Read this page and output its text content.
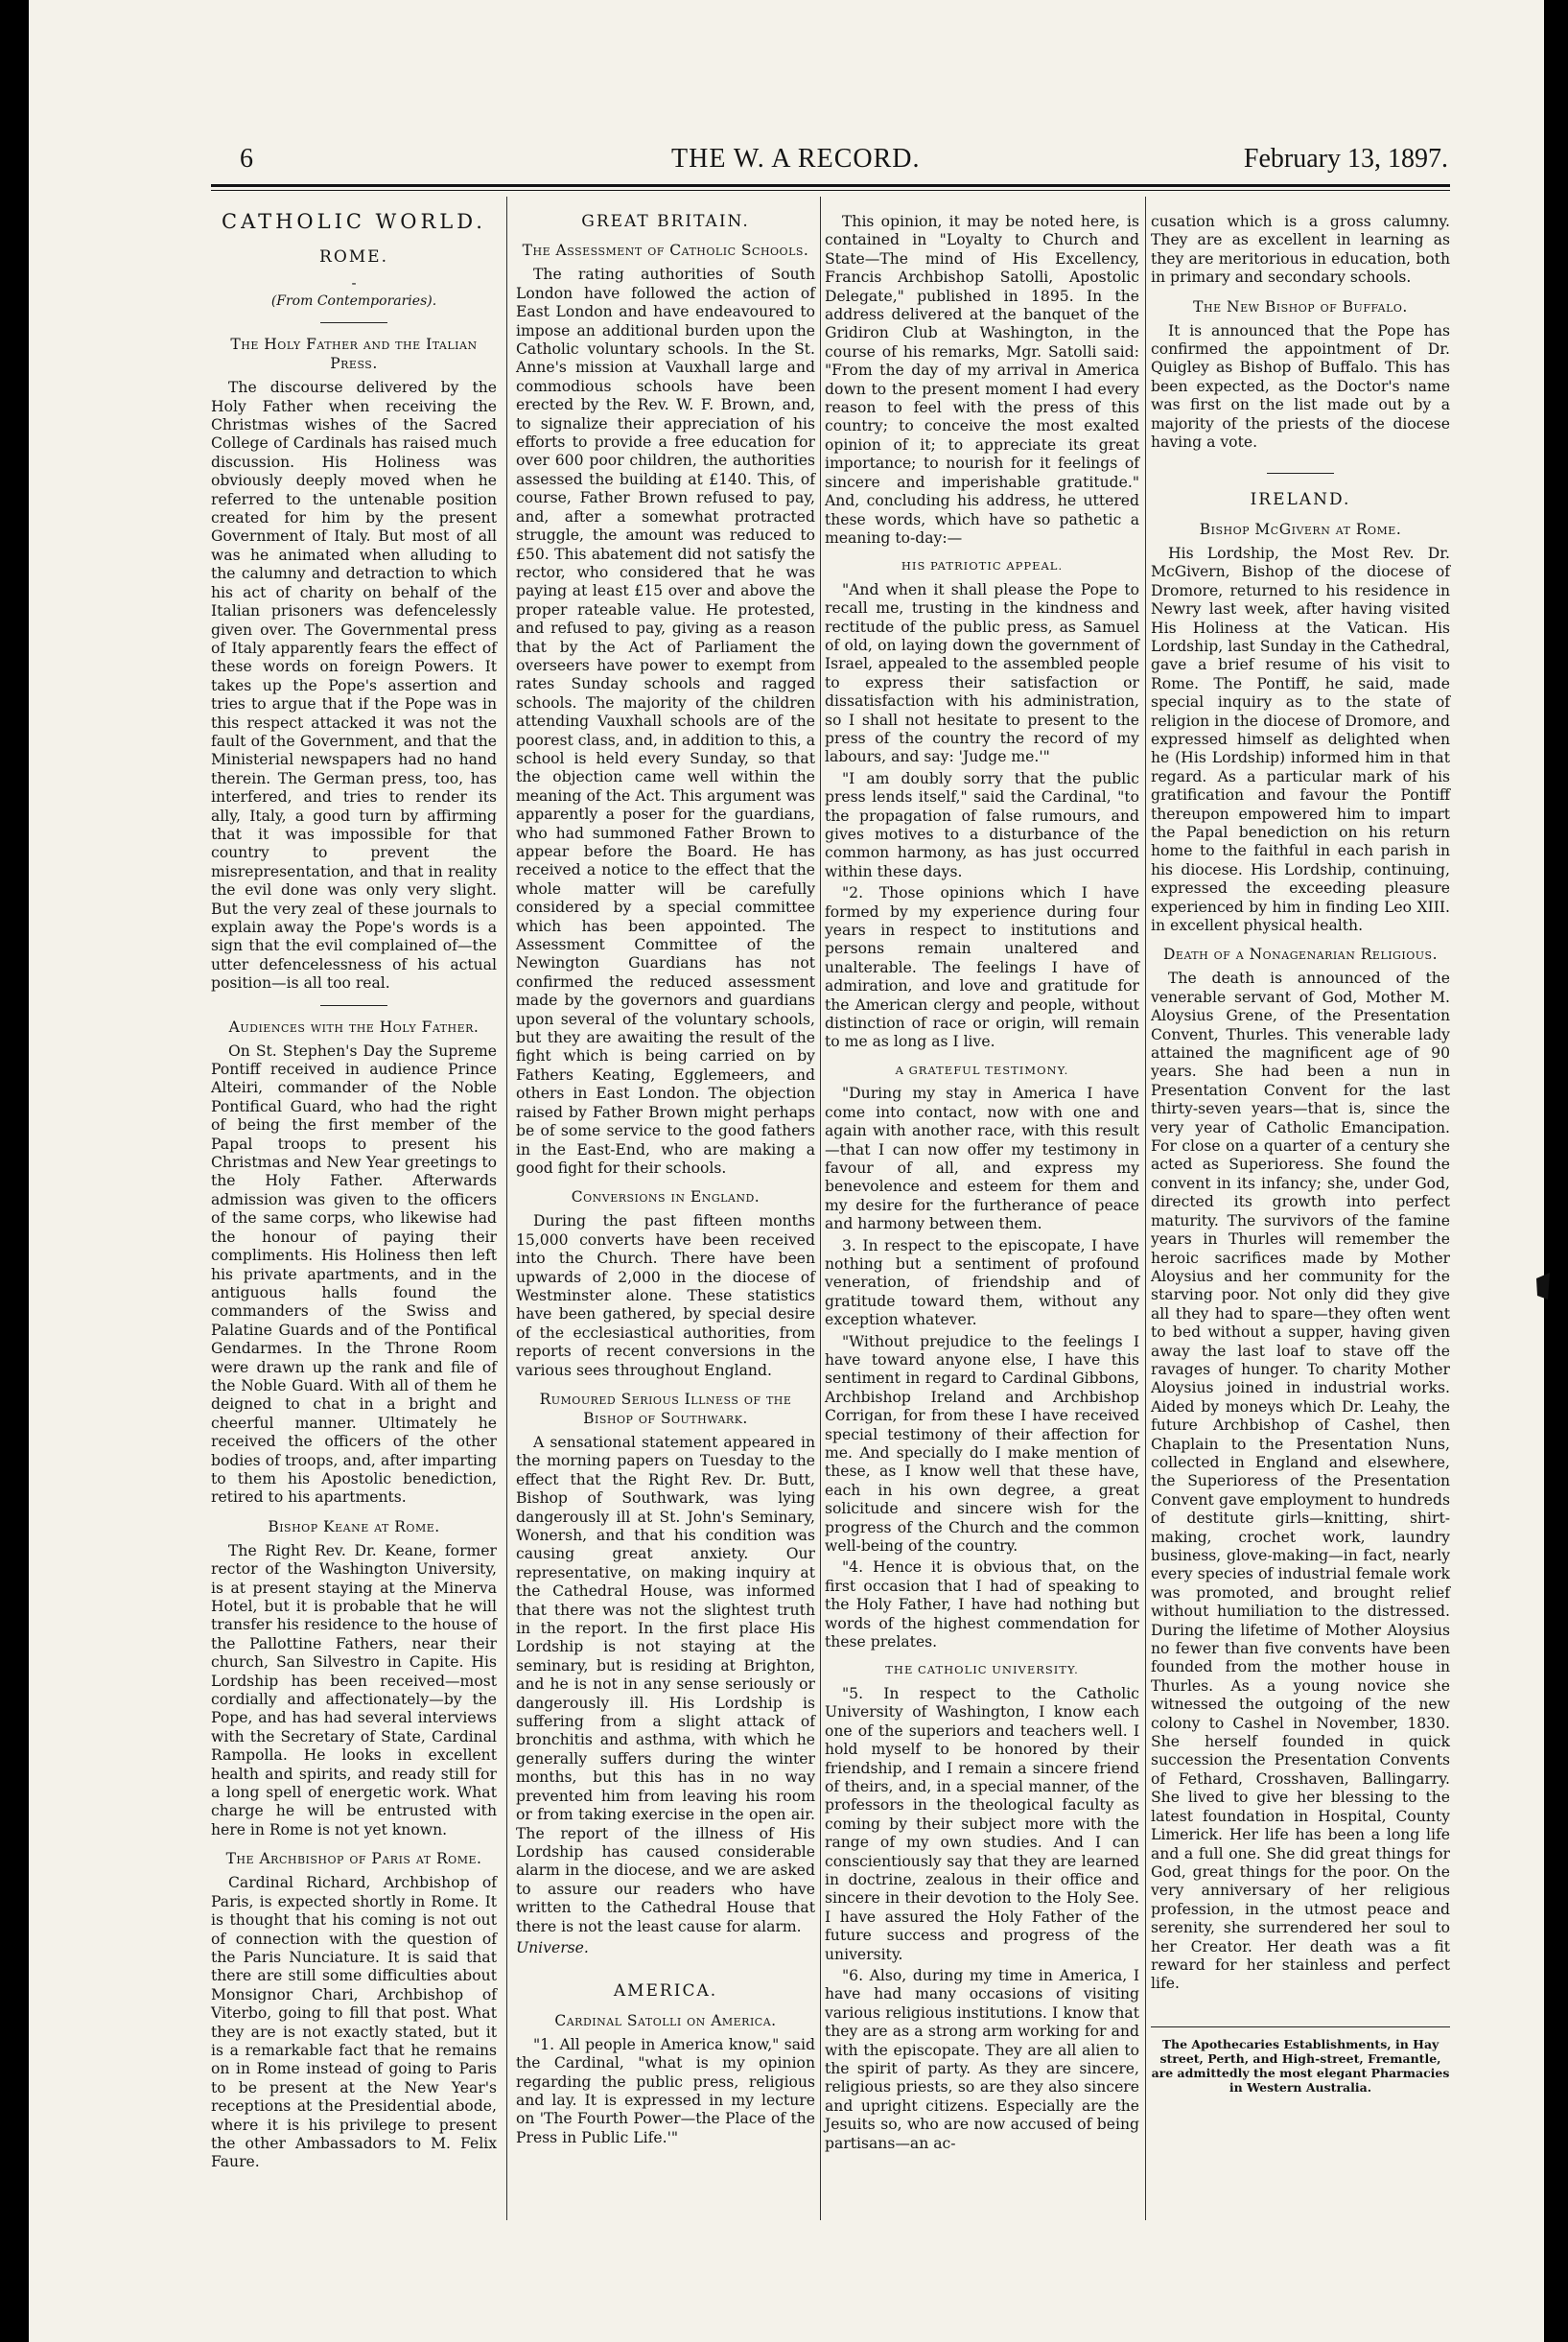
6	THE W. A RECORD.	February 13, 1897.
CATHOLIC WORLD.
ROME.
-
(From Contemporaries).
The Holy Father and the Italian Press.

The discourse delivered by the Holy Father when receiving the Christmas wishes of the Sacred College of Cardinals has raised much discussion. His Holiness was obviously deeply moved when he referred to the untenable position created for him by the present Government of Italy. But most of all was he animated when alluding to the calumny and detraction to which his act of charity on behalf of the Italian prisoners was defencelessly given over. The Governmental press of Italy apparently fears the effect of these words on foreign Powers. It takes up the Pope's assertion and tries to argue that if the Pope was in this respect attacked it was not the fault of the Government, and that the Ministerial newspapers had no hand therein. The German press, too, has interfered, and tries to render its ally, Italy, a good turn by affirming that it was impossible for that country to prevent the misrepresentation, and that in reality the evil done was only very slight. But the very zeal of these journals to explain away the Pope's words is a sign that the evil complained of—the utter defencelessness of his actual position—is all too real.

Audiences with the Holy Father.

On St. Stephen's Day the Supreme Pontiff received in audience Prince Alteiri, commander of the Noble Pontifical Guard, who had the right of being the first member of the Papal troops to present his Christmas and New Year greetings to the Holy Father. Afterwards admission was given to the officers of the same corps, who likewise had the honour of paying their compliments. His Holiness then left his private apartments, and in the antiguous halls found the commanders of the Swiss and Palatine Guards and of the Pontifical Gendarmes. In the Throne Room were drawn up the rank and file of the Noble Guard. With all of them he deigned to chat in a bright and cheerful manner. Ultimately he received the officers of the other bodies of troops, and, after imparting to them his Apostolic benediction, retired to his apartments.

Bishop Keane at Rome.

The Right Rev. Dr. Keane, former rector of the Washington University, is at present staying at the Minerva Hotel, but it is probable that he will transfer his residence to the house of the Pallottine Fathers, near their church, San Silvestro in Capite. His Lordship has been received—most cordially and affectionately—by the Pope, and has had several interviews with the Secretary of State, Cardinal Rampolla. He looks in excellent health and spirits, and ready still for a long spell of energetic work. What charge he will be entrusted with here in Rome is not yet known.

The Archbishop of Paris at Rome.

Cardinal Richard, Archbishop of Paris, is expected shortly in Rome. It is thought that his coming is not out of connection with the question of the Paris Nunciature. It is said that there are still some difficulties about Monsignor Chari, Archbishop of Viterbo, going to fill that post. What they are is not exactly stated, but it is a remarkable fact that he remains on in Rome instead of going to Paris to be present at the New Year's receptions at the Presidential abode, where it is his privilege to present the other Ambassadors to M. Felix Faure.

GREAT BRITAIN.
The Assessment of Catholic Schools.

The rating authorities of South London have followed the action of East London and have endeavoured to impose an additional burden upon the Catholic voluntary schools. In the St. Anne's mission at Vauxhall large and commodious schools have been erected by the Rev. W. F. Brown, and, to signalize their appreciation of his efforts to provide a free education for over 600 poor children, the authorities assessed the building at £140. This, of course, Father Brown refused to pay, and, after a somewhat protracted struggle, the amount was reduced to £50. This abatement did not satisfy the rector, who considered that he was paying at least £15 over and above the proper rateable value. He protested, and refused to pay, giving as a reason that by the Act of Parliament the overseers have power to exempt from rates Sunday schools and ragged schools. The majority of the children attending Vauxhall schools are of the poorest class, and, in addition to this, a school is held every Sunday, so that the objection came well within the meaning of the Act. This argument was apparently a poser for the guardians, who had summoned Father Brown to appear before the Board. He has received a notice to the effect that the whole matter will be carefully considered by a special committee which has been appointed. The Assessment Committee of the Newington Guardians has not confirmed the reduced assessment made by the governors and guardians upon several of the voluntary schools, but they are awaiting the result of the fight which is being carried on by Fathers Keating, Egglemeers, and others in East London. The objection raised by Father Brown might perhaps be of some service to the good fathers in the East-End, who are making a good fight for their schools.

Conversions in England.

During the past fifteen months 15,000 converts have been received into the Church. There have been upwards of 2,000 in the diocese of Westminster alone. These statistics have been gathered, by special desire of the ecclesiastical authorities, from reports of recent conversions in the various sees throughout England.

Rumoured Serious Illness of the Bishop of Southwark.

A sensational statement appeared in the morning papers on Tuesday to the effect that the Right Rev. Dr. Butt, Bishop of Southwark, was lying dangerously ill at St. John's Seminary, Wonersh, and that his condition was causing great anxiety. Our representative, on making inquiry at the Cathedral House, was informed that there was not the slightest truth in the report. In the first place His Lordship is not staying at the seminary, but is residing at Brighton, and he is not in any sense seriously or dangerously ill. His Lordship is suffering from a slight attack of bronchitis and asthma, with which he generally suffers during the winter months, but this has in no way prevented him from leaving his room or from taking exercise in the open air. The report of the illness of His Lordship has caused considerable alarm in the diocese, and we are asked to assure our readers who have written to the Cathedral House that there is not the least cause for alarm.

Universe.

AMERICA.
Cardinal Satolli on America.

"1. All people in America know," said the Cardinal, "what is my opinion regarding the public press, religious and lay. It is expressed in my lecture on 'The Fourth Power—the Place of the Press in Public Life.'"

This opinion, it may be noted here, is contained in "Loyalty to Church and State—The mind of His Excellency, Francis Archbishop Satolli, Apostolic Delegate," published in 1895. In the address delivered at the banquet of the Gridiron Club at Washington, in the course of his remarks, Mgr. Satolli said: "From the day of my arrival in America down to the present moment I had every reason to feel with the press of this country; to conceive the most exalted opinion of it; to appreciate its great importance; to nourish for it feelings of sincere and imperishable gratitude." And, concluding his address, he uttered these words, which have so pathetic a meaning to-day:—

HIS PATRIOTIC APPEAL.

"And when it shall please the Pope to recall me, trusting in the kindness and rectitude of the public press, as Samuel of old, on laying down the government of Israel, appealed to the assembled people to express their satisfaction or dissatisfaction with his administration, so I shall not hesitate to present to the press of the country the record of my labours, and say: 'Judge me.'"

"I am doubly sorry that the public press lends itself," said the Cardinal, "to the propagation of false rumours, and gives motives to a disturbance of the common harmony, as has just occurred within these days.

"2. Those opinions which I have formed by my experience during four years in respect to institutions and persons remain unaltered and unalterable. The feelings I have of admiration, and love and gratitude for the American clergy and people, without distinction of race or origin, will remain to me as long as I live.

A GRATEFUL TESTIMONY.

"During my stay in America I have come into contact, now with one and again with another race, with this result—that I can now offer my testimony in favour of all, and express my benevolence and esteem for them and my desire for the furtherance of peace and harmony between them.

3. In respect to the episcopate, I have nothing but a sentiment of profound veneration, of friendship and of gratitude toward them, without any exception whatever.

"Without prejudice to the feelings I have toward anyone else, I have this sentiment in regard to Cardinal Gibbons, Archbishop Ireland and Archbishop Corrigan, for from these I have received special testimony of their affection for me. And specially do I make mention of these, as I know well that these have, each in his own degree, a great solicitude and sincere wish for the progress of the Church and the common well-being of the country.

"4. Hence it is obvious that, on the first occasion that I had of speaking to the Holy Father, I have had nothing but words of the highest commendation for these prelates.

THE CATHOLIC UNIVERSITY.

"5. In respect to the Catholic University of Washington, I know each one of the superiors and teachers well. I hold myself to be honored by their friendship, and I remain a sincere friend of theirs, and, in a special manner, of the professors in the theological faculty as coming by their subject more with the range of my own studies. And I can conscientiously say that they are learned in doctrine, zealous in their office and sincere in their devotion to the Holy See. I have assured the Holy Father of the future success and progress of the university.

"6. Also, during my time in America, I have had many occasions of visiting various religious institutions. I know that they are as a strong arm working for and with the episcopate. They are all alien to the spirit of party. As they are sincere, religious priests, so are they also sincere and upright citizens. Especially are the Jesuits so, who are now accused of being partisans—an ac-

cusation which is a gross calumny. They are as excellent in learning as they are meritorious in education, both in primary and secondary schools.

The New Bishop of Buffalo.

It is announced that the Pope has confirmed the appointment of Dr. Quigley as Bishop of Buffalo. This has been expected, as the Doctor's name was first on the list made out by a majority of the priests of the diocese having a vote.

IRELAND.
Bishop McGivern at Rome.

His Lordship, the Most Rev. Dr. McGivern, Bishop of the diocese of Dromore, returned to his residence in Newry last week, after having visited His Holiness at the Vatican. His Lordship, last Sunday in the Cathedral, gave a brief resume of his visit to Rome. The Pontiff, he said, made special inquiry as to the state of religion in the diocese of Dromore, and expressed himself as delighted when he (His Lordship) informed him in that regard. As a particular mark of his gratification and favour the Pontiff thereupon empowered him to impart the Papal benediction on his return home to the faithful in each parish in his diocese. His Lordship, continuing, expressed the exceeding pleasure experienced by him in finding Leo XIII. in excellent physical health.

Death of a Nonagenarian Religious.

The death is announced of the venerable servant of God, Mother M. Aloysius Grene, of the Presentation Convent, Thurles. This venerable lady attained the magnificent age of 90 years. She had been a nun in Presentation Convent for the last thirty-seven years—that is, since the very year of Catholic Emancipation. For close on a quarter of a century she acted as Superioress. She found the convent in its infancy; she, under God, directed its growth into perfect maturity. The survivors of the famine years in Thurles will remember the heroic sacrifices made by Mother Aloysius and her community for the starving poor. Not only did they give all they had to spare—they often went to bed without a supper, having given away the last loaf to stave off the ravages of hunger. To charity Mother Aloysius joined in industrial works. Aided by moneys which Dr. Leahy, the future Archbishop of Cashel, then Chaplain to the Presentation Nuns, collected in England and elsewhere, the Superioress of the Presentation Convent gave employment to hundreds of destitute girls—knitting, shirt-making, crochet work, laundry business, glove-making—in fact, nearly every species of industrial female work was promoted, and brought relief without humiliation to the distressed. During the lifetime of Mother Aloysius no fewer than five convents have been founded from the mother house in Thurles. As a young novice she witnessed the outgoing of the new colony to Cashel in November, 1830. She herself founded in quick succession the Presentation Convents of Fethard, Crosshaven, Ballingarry. She lived to give her blessing to the latest foundation in Hospital, County Limerick. Her life has been a long life and a full one. She did great things for God, great things for the poor. On the very anniversary of her religious profession, in the utmost peace and serenity, she surrendered her soul to her Creator. Her death was a fit reward for her stainless and perfect life.

The Apothecaries Establishments, in Hay street, Perth, and High-street, Fremantle, are admittedly the most elegant Pharmacies in Western Australia.
